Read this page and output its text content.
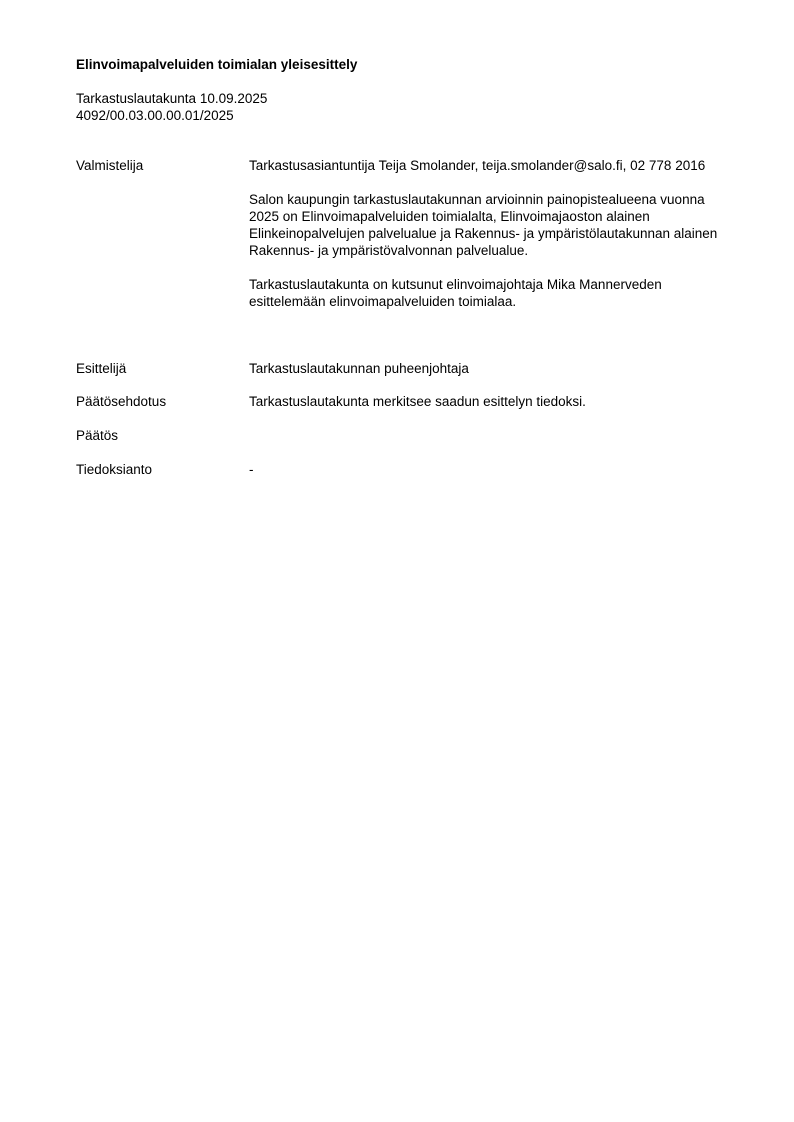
Elinvoimapalveluiden toimialan yleisesittely
Tarkastuslautakunta 10.09.2025
4092/00.03.00.00.01/2025
Valmistelija	Tarkastusasiantuntija Teija Smolander, teija.smolander@salo.fi, 02 778 2016

Salon kaupungin tarkastuslautakunnan arvioinnin painopistealueena vuonna 2025 on Elinvoimapalveluiden toimialalta, Elinvoimajaoston alainen Elinkeinopalvelujen palvelualue ja Rakennus- ja ympäristölautakunnan alainen Rakennus- ja ympäristövalvonnan palvelualue.

Tarkastuslautakunta on kutsunut elinvoimajohtaja Mika Mannerveden esittelemään elinvoimapalveluiden toimialaa.

Esittelijä	Tarkastuslautakunnan puheenjohtaja
Päätösehdotus	Tarkastuslautakunta merkitsee saadun esittelyn tiedoksi.
Päätös
Tiedoksianto	-
